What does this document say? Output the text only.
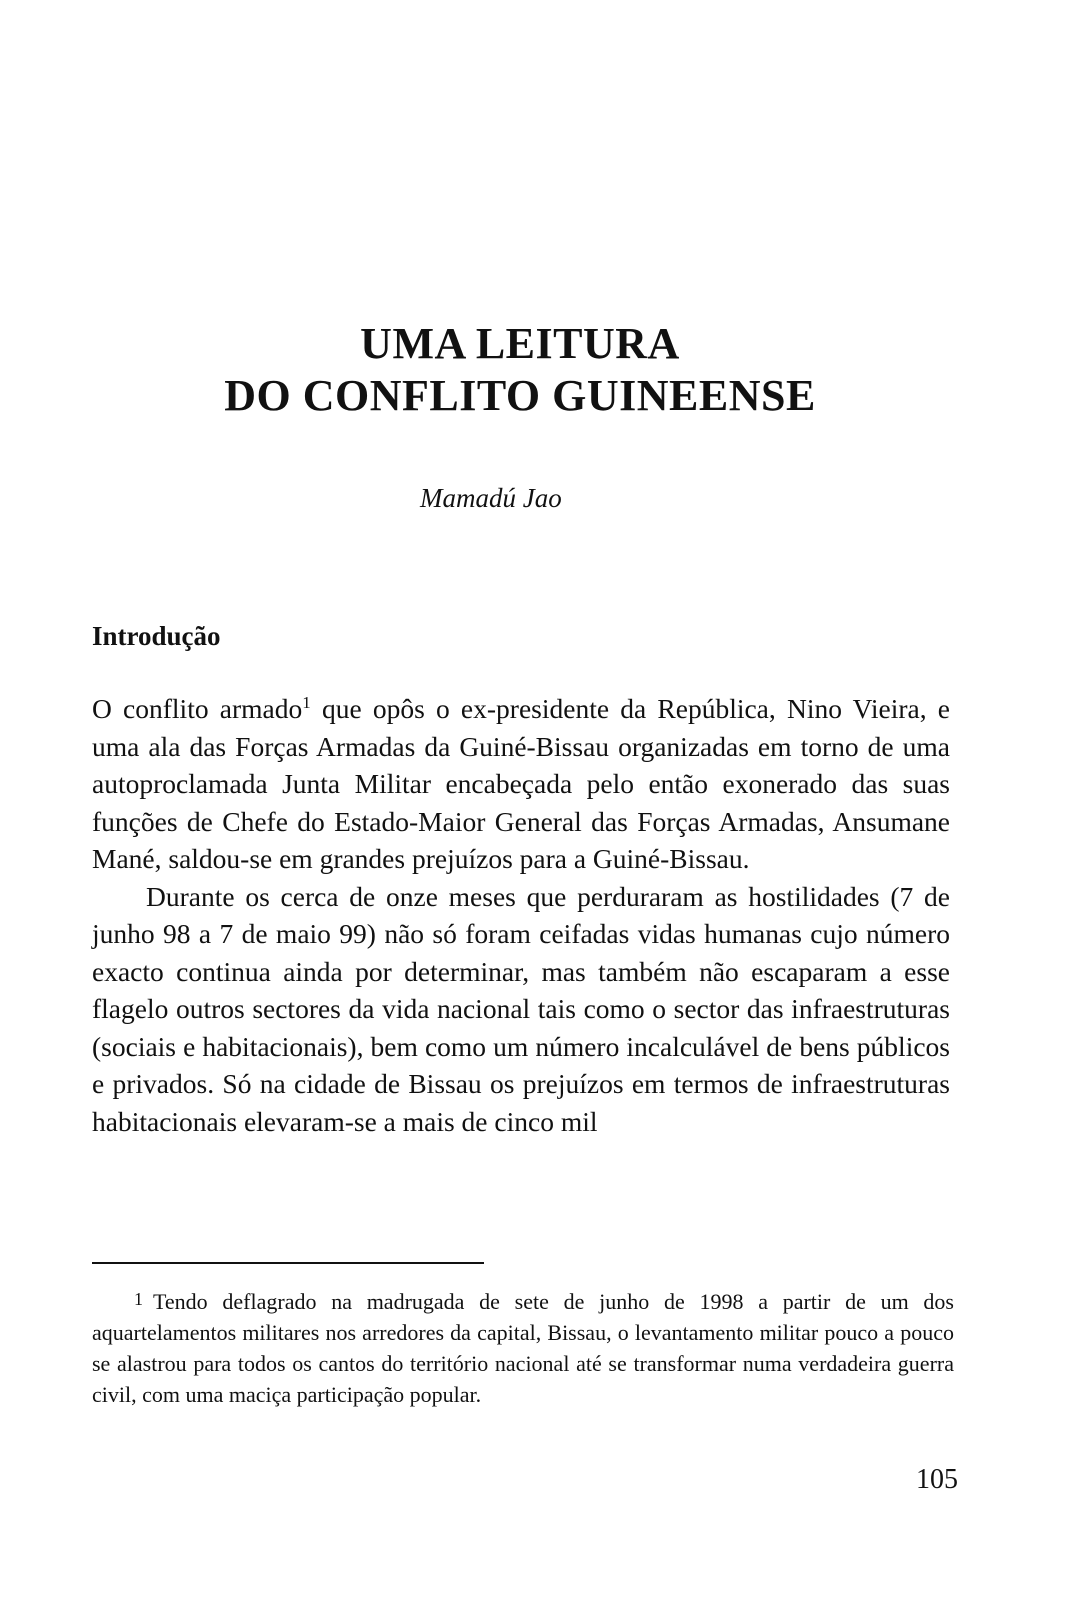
UMA LEITURA
DO CONFLITO GUINEENSE
Mamadú Jao
Introdução

O conflito armado$^1$ que opôs o ex-presidente da República, Nino Vieira, e uma ala das Forças Armadas da Guiné-Bissau organizadas em torno de uma autoproclamada Junta Militar encabeçada pelo então exonerado das suas funções de Chefe do Estado-Maior General das Forças Armadas, Ansumane Mané, saldou-se em grandes prejuízos para a Guiné-Bissau.

Durante os cerca de onze meses que perduraram as hostilidades (7 de junho 98 a 7 de maio 99) não só foram ceifadas vidas humanas cujo número exacto continua ainda por determinar, mas também não escaparam a esse flagelo outros sectores da vida nacional tais como o sector das infraestruturas (sociais e habitacionais), bem como um número incalculável de bens públicos e privados. Só na cidade de Bissau os prejuízos em termos de infraestruturas habitacionais elevaram-se a mais de cinco mil

1 Tendo deflagrado na madrugada de sete de junho de 1998 a partir de um dos aquartelamentos militares nos arredores da capital, Bissau, o levantamento militar pouco a pouco se alastrou para todos os cantos do território nacional até se transformar numa verdadeira guerra civil, com uma maciça participação popular.
105
